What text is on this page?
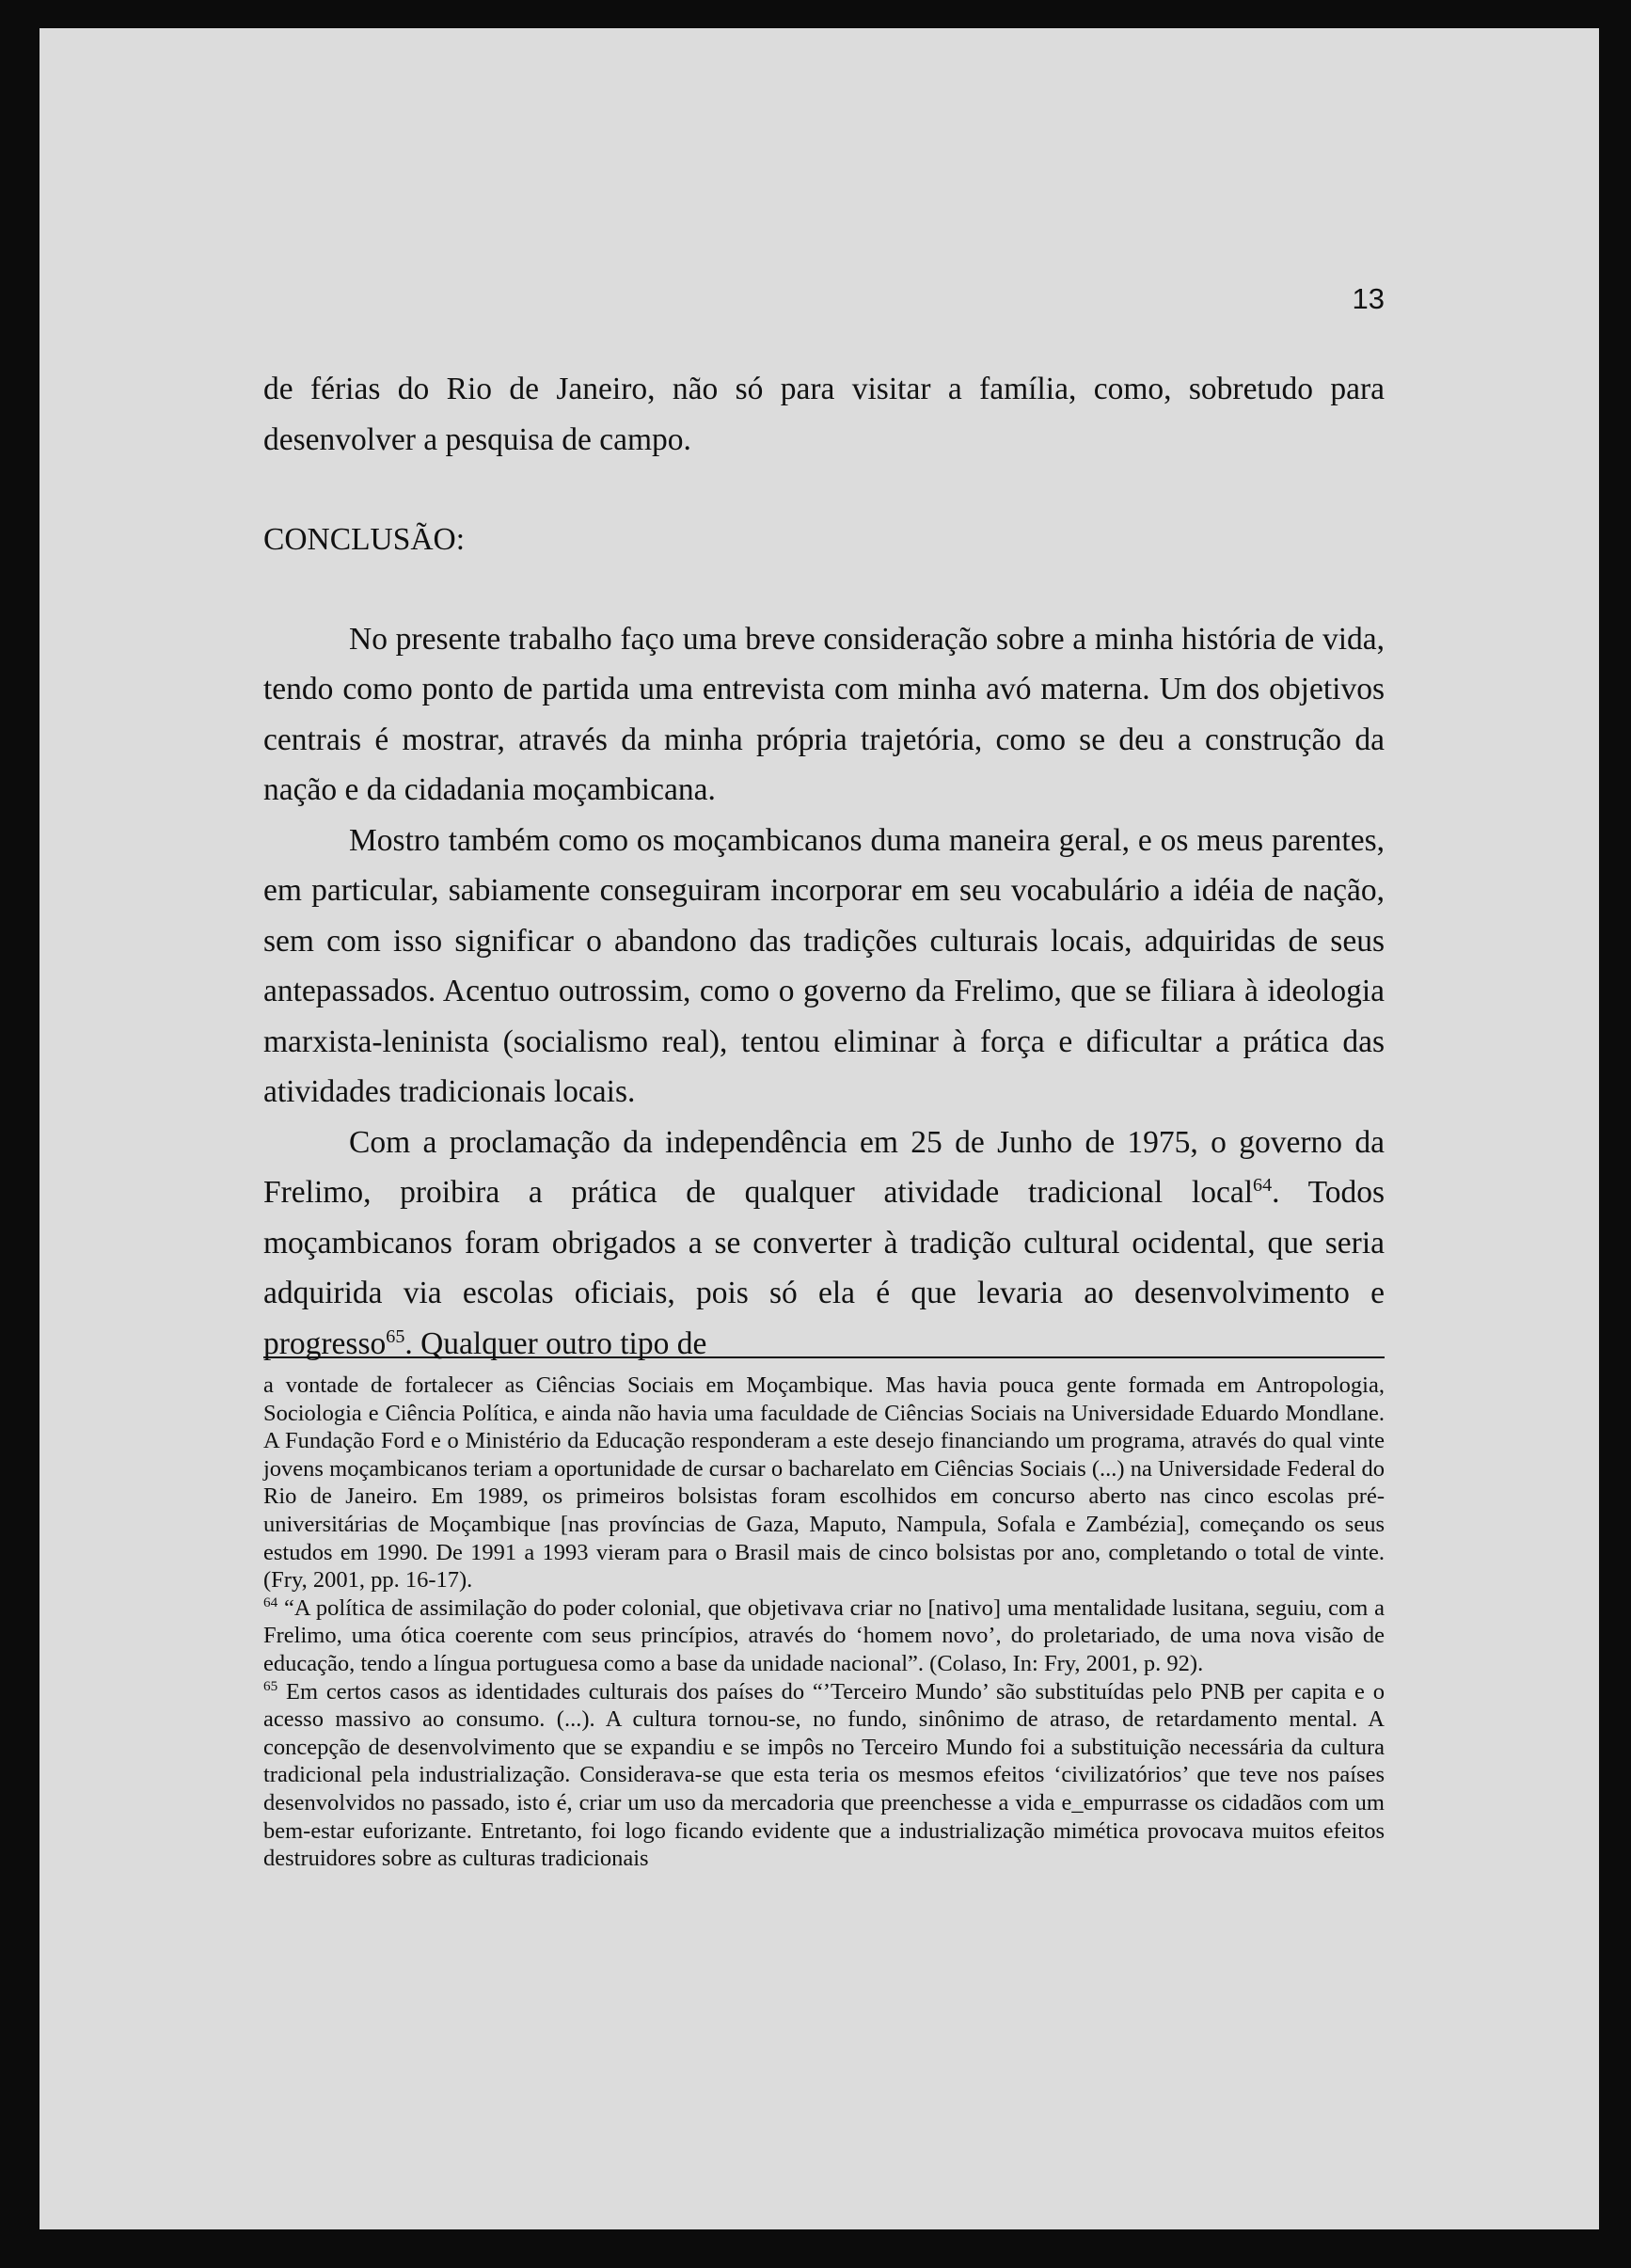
13

de férias do Rio de Janeiro, não só para visitar a família, como, sobretudo para desenvolver a pesquisa de campo.

CONCLUSÃO:

No presente trabalho faço uma breve consideração sobre a minha história de vida, tendo como ponto de partida uma entrevista com minha avó materna. Um dos objetivos centrais é mostrar, através da minha própria trajetória, como se deu a construção da nação e da cidadania moçambicana.

Mostro também como os moçambicanos duma maneira geral, e os meus parentes, em particular, sabiamente conseguiram incorporar em seu vocabulário a idéia de nação, sem com isso significar o abandono das tradições culturais locais, adquiridas de seus antepassados. Acentuo outrossim, como o governo da Frelimo, que se filiara à ideologia marxista-leninista (socialismo real), tentou eliminar à força e dificultar a prática das atividades tradicionais locais.

Com a proclamação da independência em 25 de Junho de 1975, o governo da Frelimo, proibira a prática de qualquer atividade tradicional local$^{64}$. Todos moçambicanos foram obrigados a se converter à tradição cultural ocidental, que seria adquirida via escolas oficiais, pois só ela é que levaria ao desenvolvimento e progresso$^{65}$. Qualquer outro tipo de

a vontade de fortalecer as Ciências Sociais em Moçambique. Mas havia pouca gente formada em Antropologia, Sociologia e Ciência Política, e ainda não havia uma faculdade de Ciências Sociais na Universidade Eduardo Mondlane. A Fundação Ford e o Ministério da Educação responderam a este desejo financiando um programa, através do qual vinte jovens moçambicanos teriam a oportunidade de cursar o bacharelato em Ciências Sociais (...) na Universidade Federal do Rio de Janeiro. Em 1989, os primeiros bolsistas foram escolhidos em concurso aberto nas cinco escolas pré-universitárias de Moçambique [nas províncias de Gaza, Maputo, Nampula, Sofala e Zambézia], começando os seus estudos em 1990. De 1991 a 1993 vieram para o Brasil mais de cinco bolsistas por ano, completando o total de vinte. (Fry, 2001, pp. 16-17).

$^{64}$ “A política de assimilação do poder colonial, que objetivava criar no [nativo] uma mentalidade lusitana, seguiu, com a Frelimo, uma ótica coerente com seus princípios, através do ‘homem novo’, do proletariado, de uma nova visão de educação, tendo a língua portuguesa como a base da unidade nacional”. (Colaso, In: Fry, 2001, p. 92).

$^{65}$ Em certos casos as identidades culturais dos países do “’Terceiro Mundo’ são substituídas pelo PNB per capita e o acesso massivo ao consumo. (...). A cultura tornou-se, no fundo, sinônimo de atraso, de retardamento mental. A concepção de desenvolvimento que se expandiu e se impôs no Terceiro Mundo foi a substituição necessária da cultura tradicional pela industrialização. Considerava-se que esta teria os mesmos efeitos ‘civilizatórios’ que teve nos países desenvolvidos no passado, isto é, criar um uso da mercadoria que preenchesse a vida e_empurrasse os cidadãos com um bem-estar euforizante. Entretanto, foi logo ficando evidente que a industrialização mimética provocava muitos efeitos destruidores sobre as culturas tradicionais
